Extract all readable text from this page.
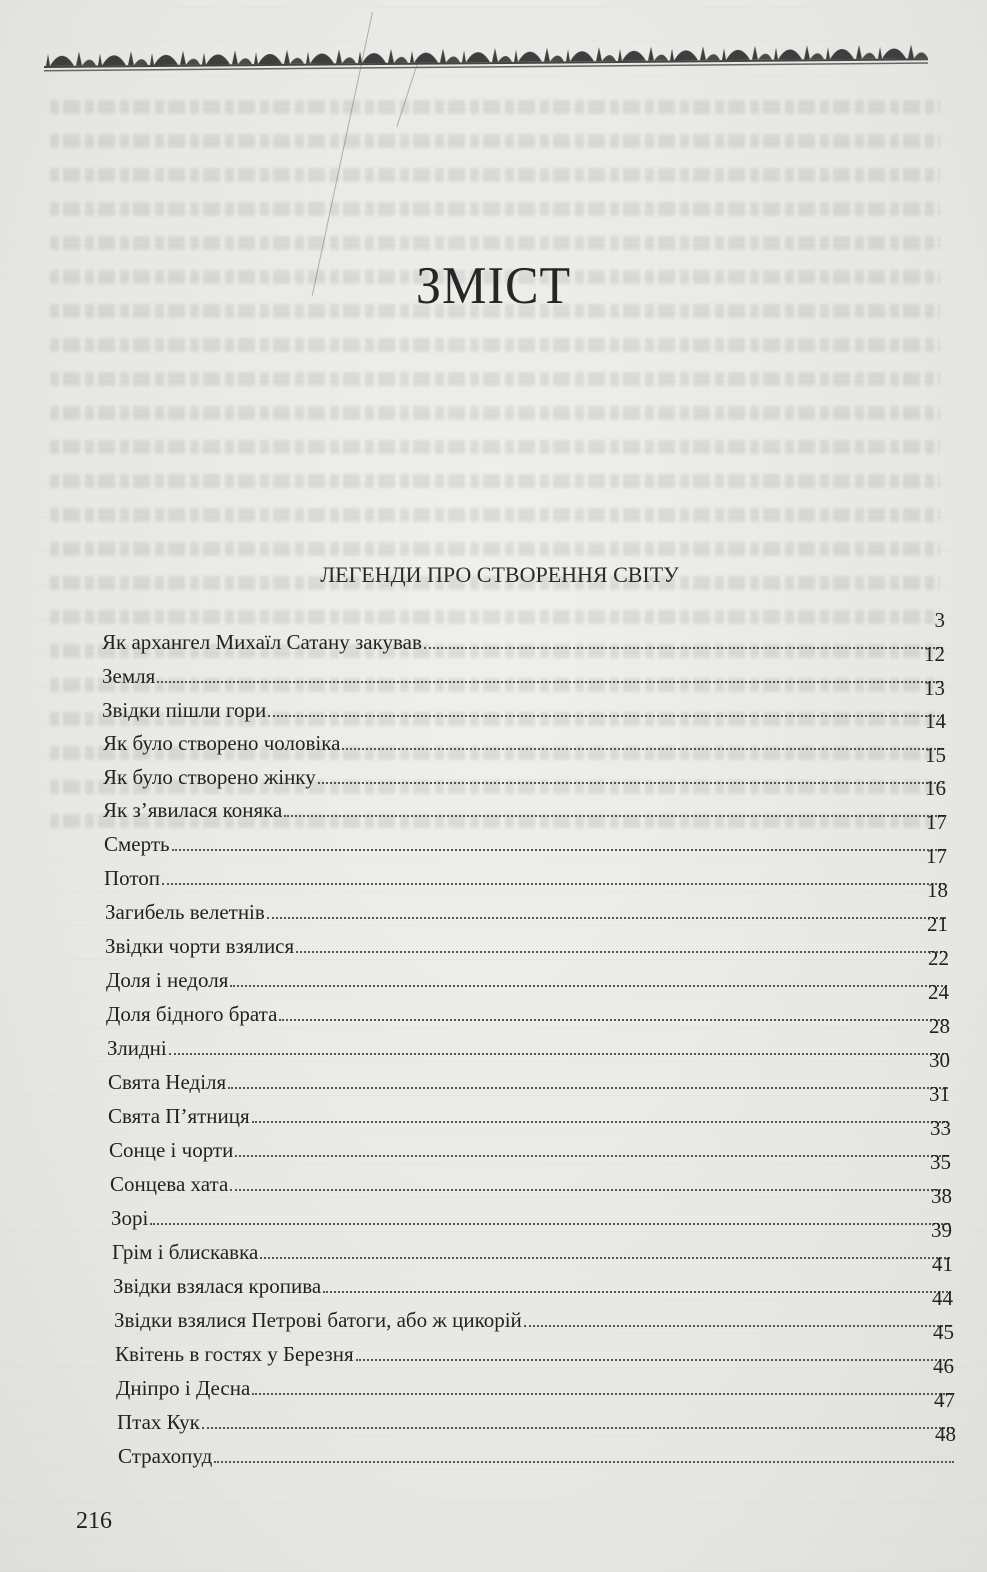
ЗМІСТ
ЛЕГЕНДИ ПРО СТВОРЕННЯ СВІТУ
Як архангел Михаїл Сатану закував
3
Земля
12
Звідки пішли гори
13
Як було створено чоловіка
14
Як було створено жінку
15
Як з’явилася коняка
16
Смерть
17
Потоп
17
Загибель велетнів
18
Звідки чорти взялися
21
Доля і недоля
22
Доля бідного брата
24
Злидні
28
Свята Неділя
30
Свята П’ятниця
31
Сонце і чорти
33
Сонцева хата
35
Зорі
38
Грім і блискавка
39
Звідки взялася кропива
41
Звідки взялися Петрові батоги, або ж цикорій
44
Квітень в гостях у Березня
45
Дніпро і Десна
46
Птах Кук
47
Страхопуд
48
216
